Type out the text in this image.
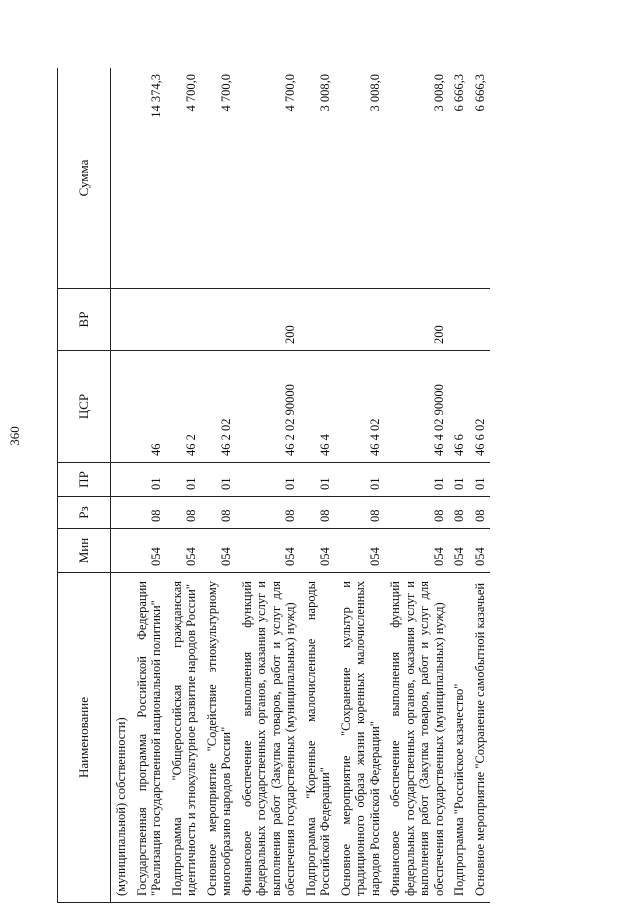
360
Наименование	Мин	Рз	ПР	ЦСР	ВР	Сумма
(муниципальной) собственности)						
Государственная программа Российской Федерации "Реализация государственной национальной политики"	054	08	01	46		14 374,3
Подпрограмма "Общероссийская гражданская идентичность и этнокультурное развитие народов России"	054	08	01	46 2		4 700,0
Основное мероприятие "Содействие этнокультурному многообразию народов России"	054	08	01	46 2 02		4 700,0
Финансовое обеспечение выполнения функций федеральных государственных органов, оказания услуг и выполнения работ (Закупка товаров, работ и услуг для обеспечения государственных (муниципальных) нужд)	054	08	01	46 2 02 90000	200	4 700,0
Подпрограмма "Коренные малочисленные народы Российской Федерации"	054	08	01	46 4		3 008,0
Основное мероприятие "Сохранение культур и традиционного образа жизни коренных малочисленных народов Российской Федерации"	054	08	01	46 4 02		3 008,0
Финансовое обеспечение выполнения функций федеральных государственных органов, оказания услуг и выполнения работ (Закупка товаров, работ и услуг для обеспечения государственных (муниципальных) нужд)	054	08	01	46 4 02 90000	200	3 008,0
Подпрограмма "Российское казачество"	054	08	01	46 6		6 666,3
Основное мероприятие "Сохранение самобытной казачьей	054	08	01	46 6 02		6 666,3
